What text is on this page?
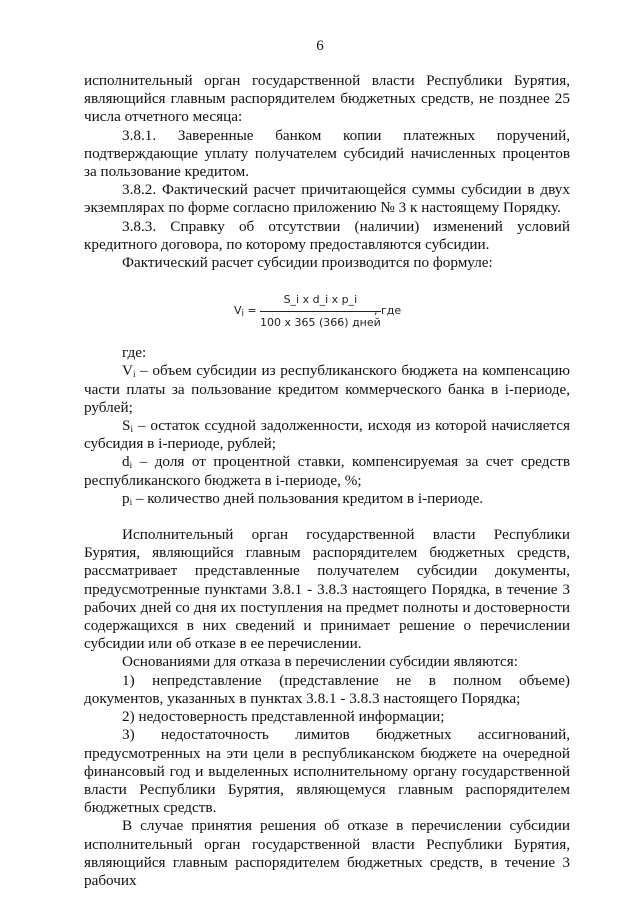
6

исполнительный орган государственной власти Республики Бурятия, являющийся главным распорядителем бюджетных средств, не позднее 25 числа отчетного месяца:

3.8.1. Заверенные банком копии платежных поручений, подтверждающие уплату получателем субсидий начисленных процентов за пользование кредитом.

3.8.2. Фактический расчет причитающейся суммы субсидии в двух экземплярах по форме согласно приложению № 3 к настоящему Порядку.

3.8.3. Справку об отсутствии (наличии) изменений условий кредитного договора, по которому предоставляются субсидии.

Фактический расчет субсидии производится по формуле:

$V_i$ =
S_i x d_i x p_i
100 x 365 (366) дней
, где

где:

$V_i$ – объем субсидии из республиканского бюджета на компенсацию части платы за пользование кредитом коммерческого банка в i-периоде, рублей;

$S_i$ – остаток ссудной задолженности, исходя из которой начисляется субсидия в i-периоде, рублей;

$d_i$ – доля от процентной ставки, компенсируемая за счет средств республиканского бюджета в i-периоде, %;

$p_i$ – количество дней пользования кредитом в i-периоде.

Исполнительный орган государственной власти Республики Бурятия, являющийся главным распорядителем бюджетных средств, рассматривает представленные получателем субсидии документы, предусмотренные пунктами 3.8.1 - 3.8.3 настоящего Порядка, в течение 3 рабочих дней со дня их поступления на предмет полноты и достоверности содержащихся в них сведений и принимает решение о перечислении субсидии или об отказе в ее перечислении.

Основаниями для отказа в перечислении субсидии являются:

1) непредставление (представление не в полном объеме) документов, указанных в пунктах 3.8.1 - 3.8.3 настоящего Порядка;

2) недостоверность представленной информации;

3) недостаточность лимитов бюджетных ассигнований, предусмотренных на эти цели в республиканском бюджете на очередной финансовый год и выделенных исполнительному органу государственной власти Республики Бурятия, являющемуся главным распорядителем бюджетных средств.

В случае принятия решения об отказе в перечислении субсидии исполнительный орган государственной власти Республики Бурятия, являющийся главным распорядителем бюджетных средств, в течение 3 рабочих
